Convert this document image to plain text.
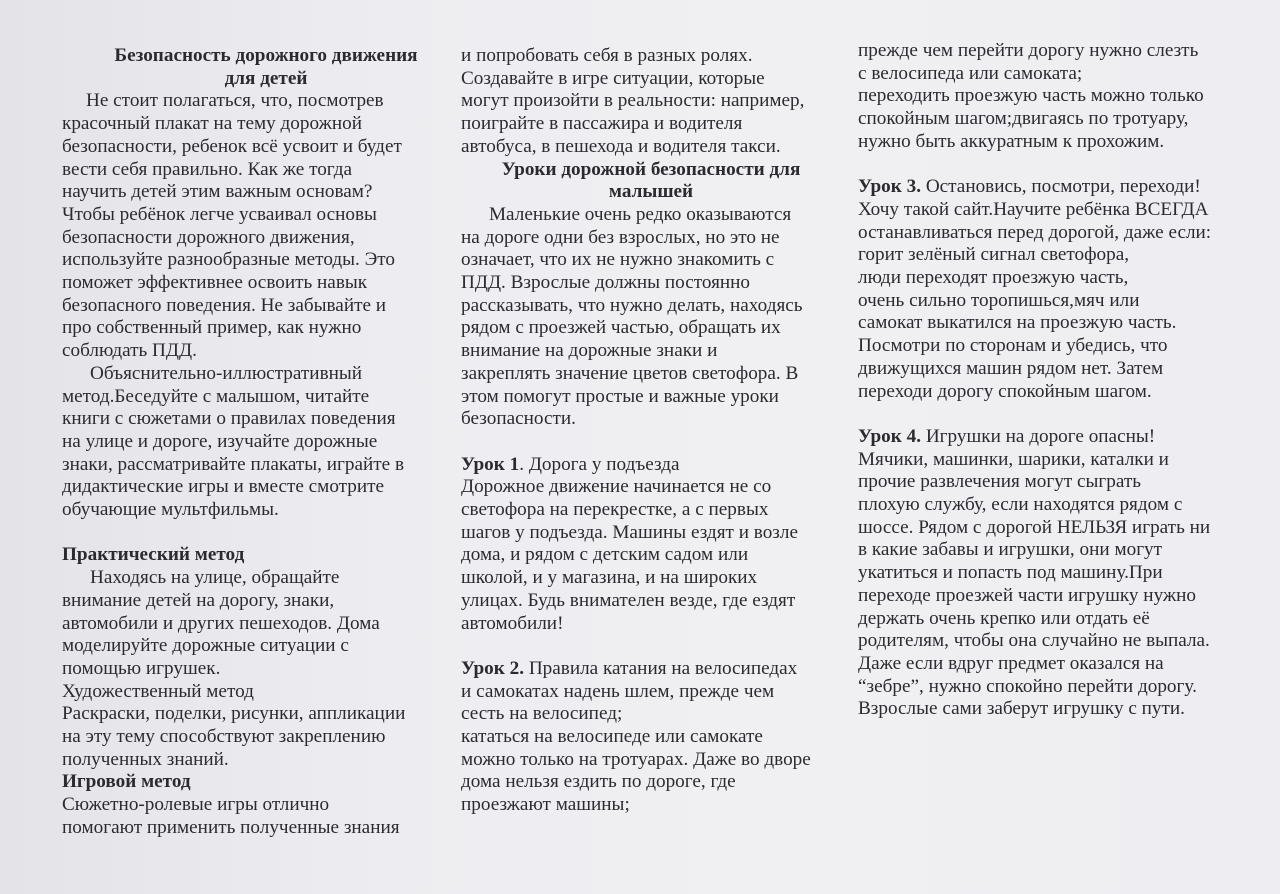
Безопасность дорожного движения
для детей

Не стоит полагаться, что, посмотрев
красочный плакат на тему дорожной

безопасности, ребенок всё усвоит и будет
вести себя правильно. Как же тогда
научить детей этим важным основам?
Чтобы ребёнок легче усваивал основы
безопасности дорожного движения,
используйте разнообразные методы. Это
поможет эффективнее освоить навык
безопасного поведения. Не забывайте и
про собственный пример, как нужно
соблюдать ПДД.

Объяснительно-иллюстративный
метод.Беседуйте с малышом, читайте
книги с сюжетами о правилах поведения
на улице и дороге, изучайте дорожные
знаки, рассматривайте плакаты, играйте в
дидактические игры и вместе смотрите
обучающие мультфильмы.

Практический метод

Находясь на улице, обращайте
внимание детей на дорогу, знаки,
автомобили и других пешеходов. Дома
моделируйте дорожные ситуации с
помощью игрушек.

Художественный метод

Раскраски, поделки, рисунки, аппликации
на эту тему способствуют закреплению
полученных знаний.

Игровой метод

Сюжетно-ролевые игры отлично
помогают применить полученные знания

и попробовать себя в разных ролях.
Создавайте в игре ситуации, которые
могут произойти в реальности: например,
поиграйте в пассажира и водителя
автобуса, в пешехода и водителя такси.

Уроки дорожной безопасности для
малышей

Маленькие очень редко оказываются
на дороге одни без взрослых, но это не
означает, что их не нужно знакомить с
ПДД. Взрослые должны постоянно
рассказывать, что нужно делать, находясь
рядом с проезжей частью, обращать их
внимание на дорожные знаки и
закреплять значение цветов светофора. В
этом помогут простые и важные уроки
безопасности.

Урок 1. Дорога у подъезда

Дорожное движение начинается не со
светофора на перекрестке, а с первых
шагов у подъезда. Машины ездят и возле
дома, и рядом с детским садом или
школой, и у магазина, и на широких
улицах. Будь внимателен везде, где ездят
автомобили!

Урок 2. Правила катания на велосипедах

и самокатах надень шлем, прежде чем
сесть на велосипед;
кататься на велосипеде или самокате
можно только на тротуарах. Даже во дворе
дома нельзя ездить по дороге, где
проезжают машины;

прежде чем перейти дорогу нужно слезть
с велосипеда или самоката;
переходить проезжую часть можно только
спокойным шагом;двигаясь по тротуару,
нужно быть аккуратным к прохожим.

Урок 3. Остановись, посмотри, переходи!

Хочу такой сайт.Научите ребёнка ВСЕГДА
останавливаться перед дорогой, даже если:
горит зелёный сигнал светофора,
люди переходят проезжую часть,
очень сильно торопишься,мяч или
самокат выкатился на проезжую часть.
Посмотри по сторонам и убедись, что
движущихся машин рядом нет. Затем
переходи дорогу спокойным шагом.

Урок 4. Игрушки на дороге опасны!

Мячики, машинки, шарики, каталки и
прочие развлечения могут сыграть
плохую службу, если находятся рядом с
шоссе. Рядом с дорогой НЕЛЬЗЯ играть ни
в какие забавы и игрушки, они могут
укатиться и попасть под машину.При
переходе проезжей части игрушку нужно
держать очень крепко или отдать её
родителям, чтобы она случайно не выпала.
Даже если вдруг предмет оказался на
“зебре”, нужно спокойно перейти дорогу.
Взрослые сами заберут игрушку с пути.
